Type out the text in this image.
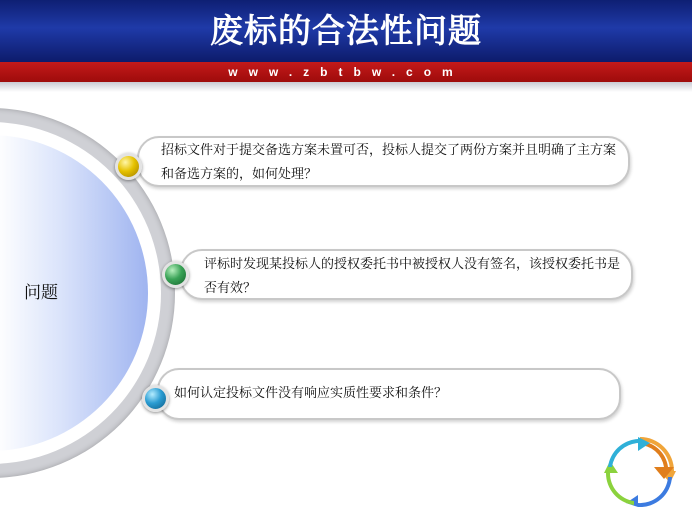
废标的合法性问题
www.zbtbw.com
问题
招标文件对于提交备选方案未置可否，投标人提交了两份方案并且明确了主方案和备选方案的，如何处理？
评标时发现某投标人的授权委托书中被授权人没有签名，该授权委托书是否有效？
如何认定投标文件没有响应实质性要求和条件？
